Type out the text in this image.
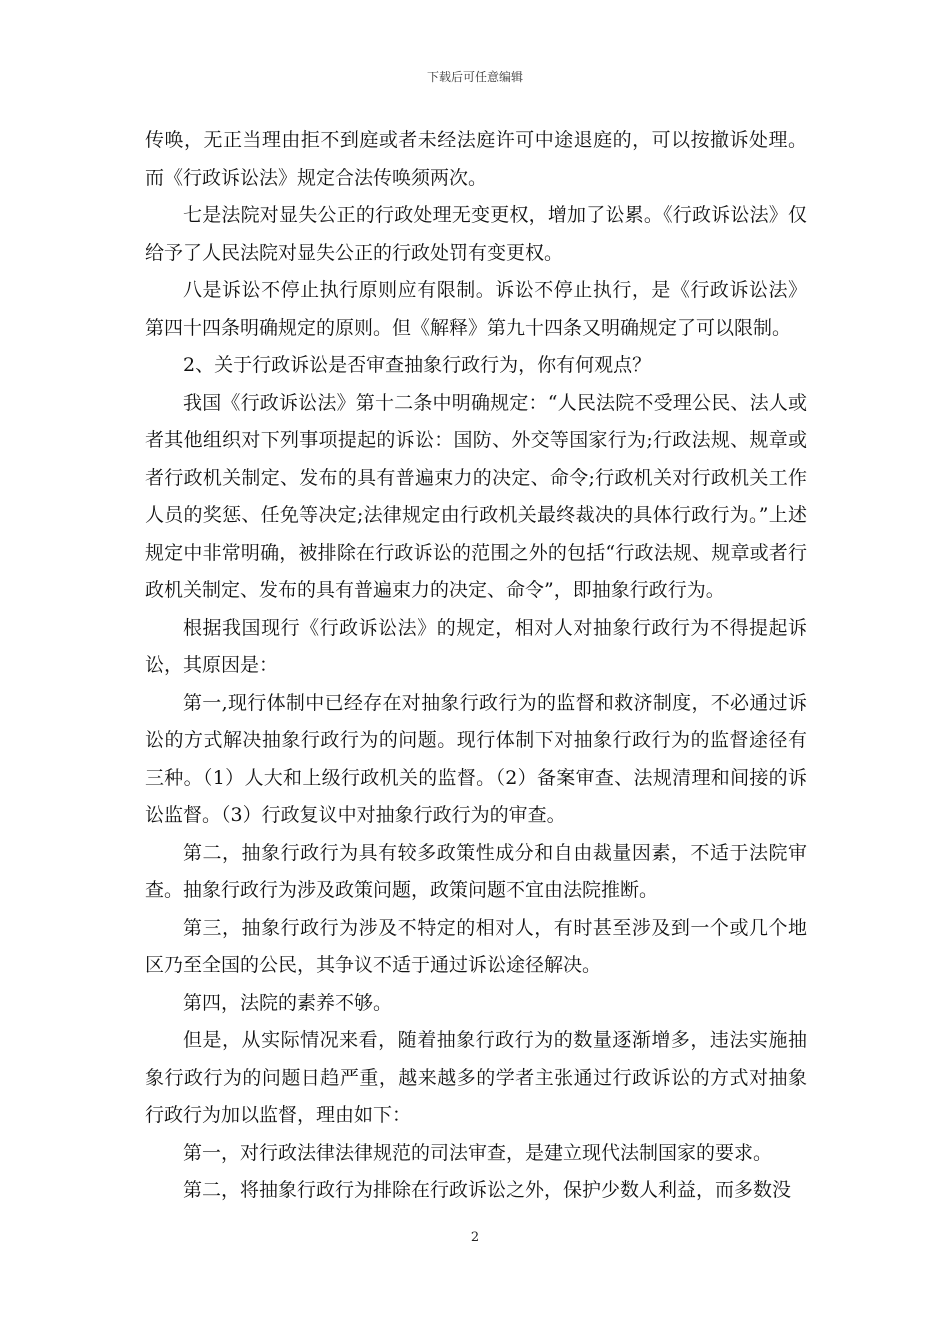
下载后可任意编辑

传唤，无正当理由拒不到庭或者未经法庭许可中途退庭的，可以按撤诉处理。而《行政诉讼法》规定合法传唤须两次。

七是法院对显失公正的行政处理无变更权，增加了讼累。《行政诉讼法》仅给予了人民法院对显失公正的行政处罚有变更权。

八是诉讼不停止执行原则应有限制。诉讼不停止执行，是《行政诉讼法》第四十四条明确规定的原则。但《解释》第九十四条又明确规定了可以限制。

2、关于行政诉讼是否审查抽象行政行为，你有何观点？

我国《行政诉讼法》第十二条中明确规定：“人民法院不受理公民、法人或者其他组织对下列事项提起的诉讼：国防、外交等国家行为;行政法规、规章或者行政机关制定、发布的具有普遍束力的决定、命令;行政机关对行政机关工作人员的奖惩、任免等决定;法律规定由行政机关最终裁决的具体行政行为。”上述规定中非常明确，被排除在行政诉讼的范围之外的包括“行政法规、规章或者行政机关制定、发布的具有普遍束力的决定、命令”，即抽象行政行为。

根据我国现行《行政诉讼法》的规定，相对人对抽象行政行为不得提起诉讼，其原因是：

第一,现行体制中已经存在对抽象行政行为的监督和救济制度，不必通过诉讼的方式解决抽象行政行为的问题。现行体制下对抽象行政行为的监督途径有三种。（1）人大和上级行政机关的监督。（2）备案审查、法规清理和间接的诉讼监督。（3）行政复议中对抽象行政行为的审查。

第二，抽象行政行为具有较多政策性成分和自由裁量因素，不适于法院审查。抽象行政行为涉及政策问题，政策问题不宜由法院推断。

第三，抽象行政行为涉及不特定的相对人，有时甚至涉及到一个或几个地区乃至全国的公民，其争议不适于通过诉讼途径解决。

第四，法院的素养不够。

但是，从实际情况来看，随着抽象行政行为的数量逐渐增多，违法实施抽象行政行为的问题日趋严重，越来越多的学者主张通过行政诉讼的方式对抽象行政行为加以监督，理由如下：

第一，对行政法律法律规范的司法审查，是建立现代法制国家的要求。

第二，将抽象行政行为排除在行政诉讼之外，保护少数人利益，而多数没

2
